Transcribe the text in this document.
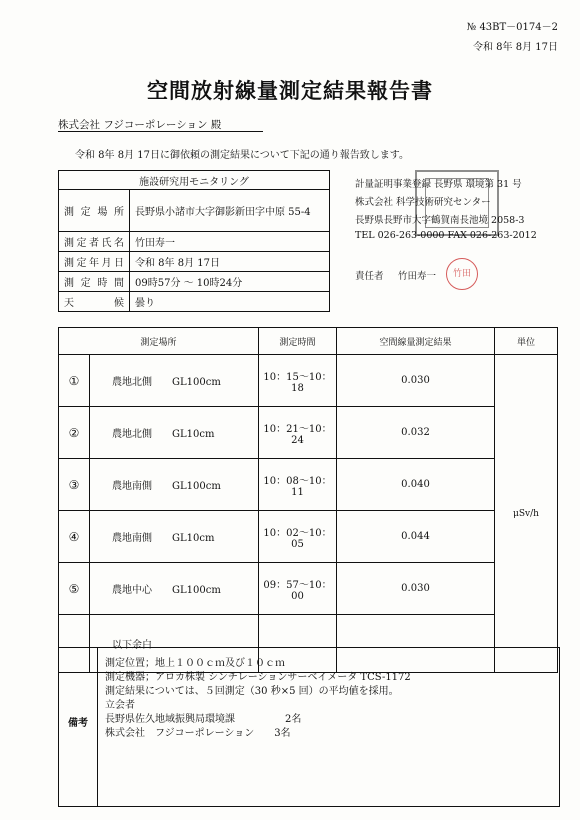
№ 43BT－0174－2
令和 8年 8月 17日
空間放射線量測定結果報告書
株式会社 フジコーポレーション 殿
令和 8年 8月 17日に御依頼の測定結果について下記の通り報告致します。
施設研究用モニタリング	
測定場所	長野県小諸市大字御影新田字中原 55-4
測定者氏名	竹田寿一
測定年月日	令和 8年 8月 17日
測定時間	09時57分 ～ 10時24分
天候	曇り
計量証明事業登録 長野県 環境第 31 号
株式会社 科学技術研究センター
長野県長野市大字鶴賀南長池境 2058-3
TEL 026-263-0000 FAX 026-263-2012
責任者 竹田寿一	竹田
測定場所		測定時間	空間線量測定結果	単位
①	農地北側 GL100cm	10：15～10：18	0.030	μSv/h
②	農地北側 GL10cm	10：21～10：24	0.032	
③	農地南側 GL100cm	10：08～10：11	0.040	
④	農地南側 GL10cm	10：02～10：05	0.044	
⑤	農地中心 GL100cm	09：57～10：00	0.030	
	以下余白			
備考
測定位置；地上１００ｃｍ及び１０ｃｍ
測定機器；アロカ株製 シンチレーションサーベイメータ TCS-1172
測定結果については、５回測定（30 秒×5 回）の平均値を採用。
立会者
長野県佐久地域振興局環境課　　　　　2名
株式会社　フジコーポレーション　　3名
